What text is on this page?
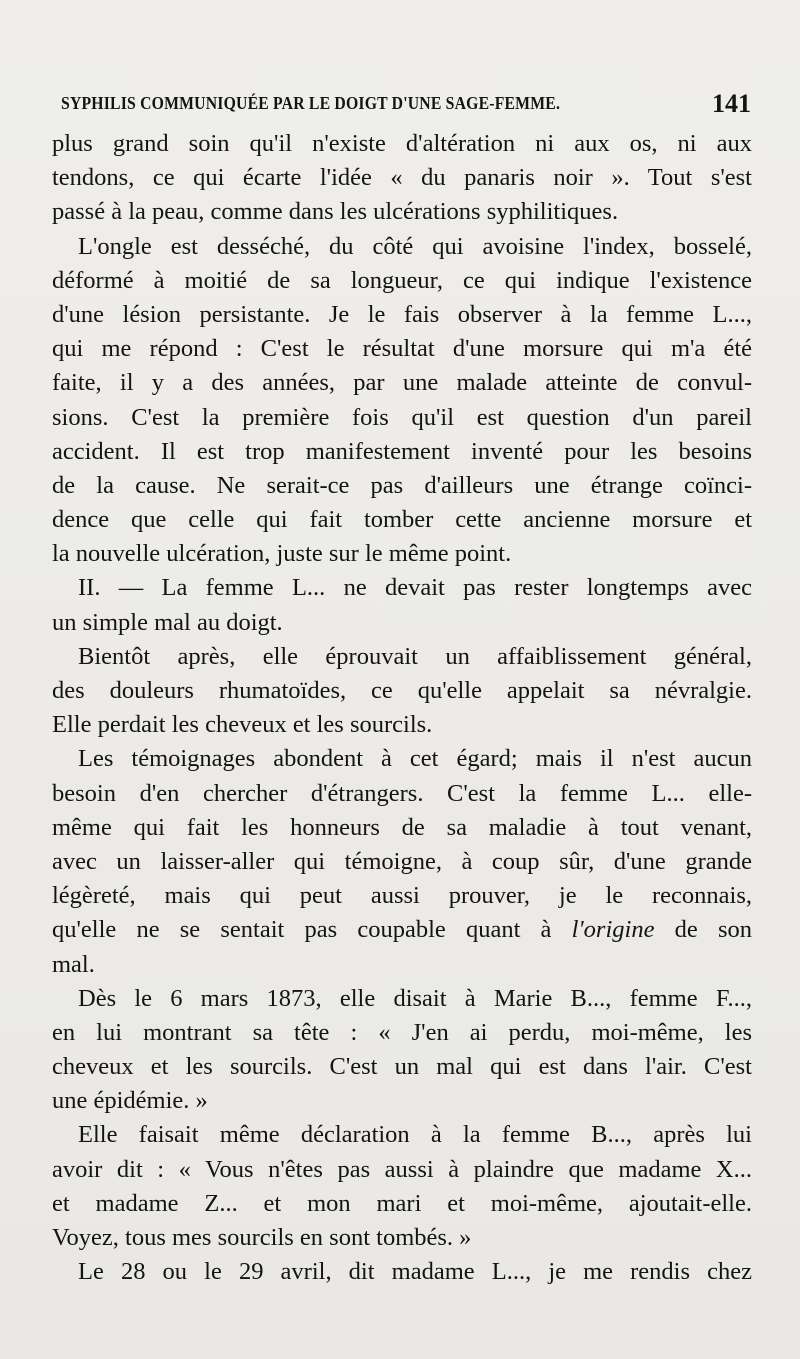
SYPHILIS COMMUNIQUÉE PAR LE DOIGT D'UNE SAGE-FEMME.	141
plus grand soin qu'il n'existe d'altération ni aux os, ni aux
tendons, ce qui écarte l'idée « du panaris noir ». Tout s'est
passé à la peau, comme dans les ulcérations syphilitiques.
L'ongle est desséché, du côté qui avoisine l'index, bosselé,
déformé à moitié de sa longueur, ce qui indique l'existence
d'une lésion persistante. Je le fais observer à la femme L...,
qui me répond : C'est le résultat d'une morsure qui m'a été
faite, il y a des années, par une malade atteinte de convul-
sions. C'est la première fois qu'il est question d'un pareil
accident. Il est trop manifestement inventé pour les besoins
de la cause. Ne serait-ce pas d'ailleurs une étrange coïnci-
dence que celle qui fait tomber cette ancienne morsure et
la nouvelle ulcération, juste sur le même point.
II. — La femme L... ne devait pas rester longtemps avec
un simple mal au doigt.
Bientôt après, elle éprouvait un affaiblissement général,
des douleurs rhumatoïdes, ce qu'elle appelait sa névralgie.
Elle perdait les cheveux et les sourcils.
Les témoignages abondent à cet égard; mais il n'est aucun
besoin d'en chercher d'étrangers. C'est la femme L... elle-
même qui fait les honneurs de sa maladie à tout venant,
avec un laisser-aller qui témoigne, à coup sûr, d'une grande
légèreté, mais qui peut aussi prouver, je le reconnais,
qu'elle ne se sentait pas coupable quant à l'origine de son
mal.
Dès le 6 mars 1873, elle disait à Marie B..., femme F...,
en lui montrant sa tête : « J'en ai perdu, moi-même, les
cheveux et les sourcils. C'est un mal qui est dans l'air. C'est
une épidémie. »
Elle faisait même déclaration à la femme B..., après lui
avoir dit : « Vous n'êtes pas aussi à plaindre que madame X...
et madame Z... et mon mari et moi-même, ajoutait-elle.
Voyez, tous mes sourcils en sont tombés. »
Le 28 ou le 29 avril, dit madame L..., je me rendis chez
